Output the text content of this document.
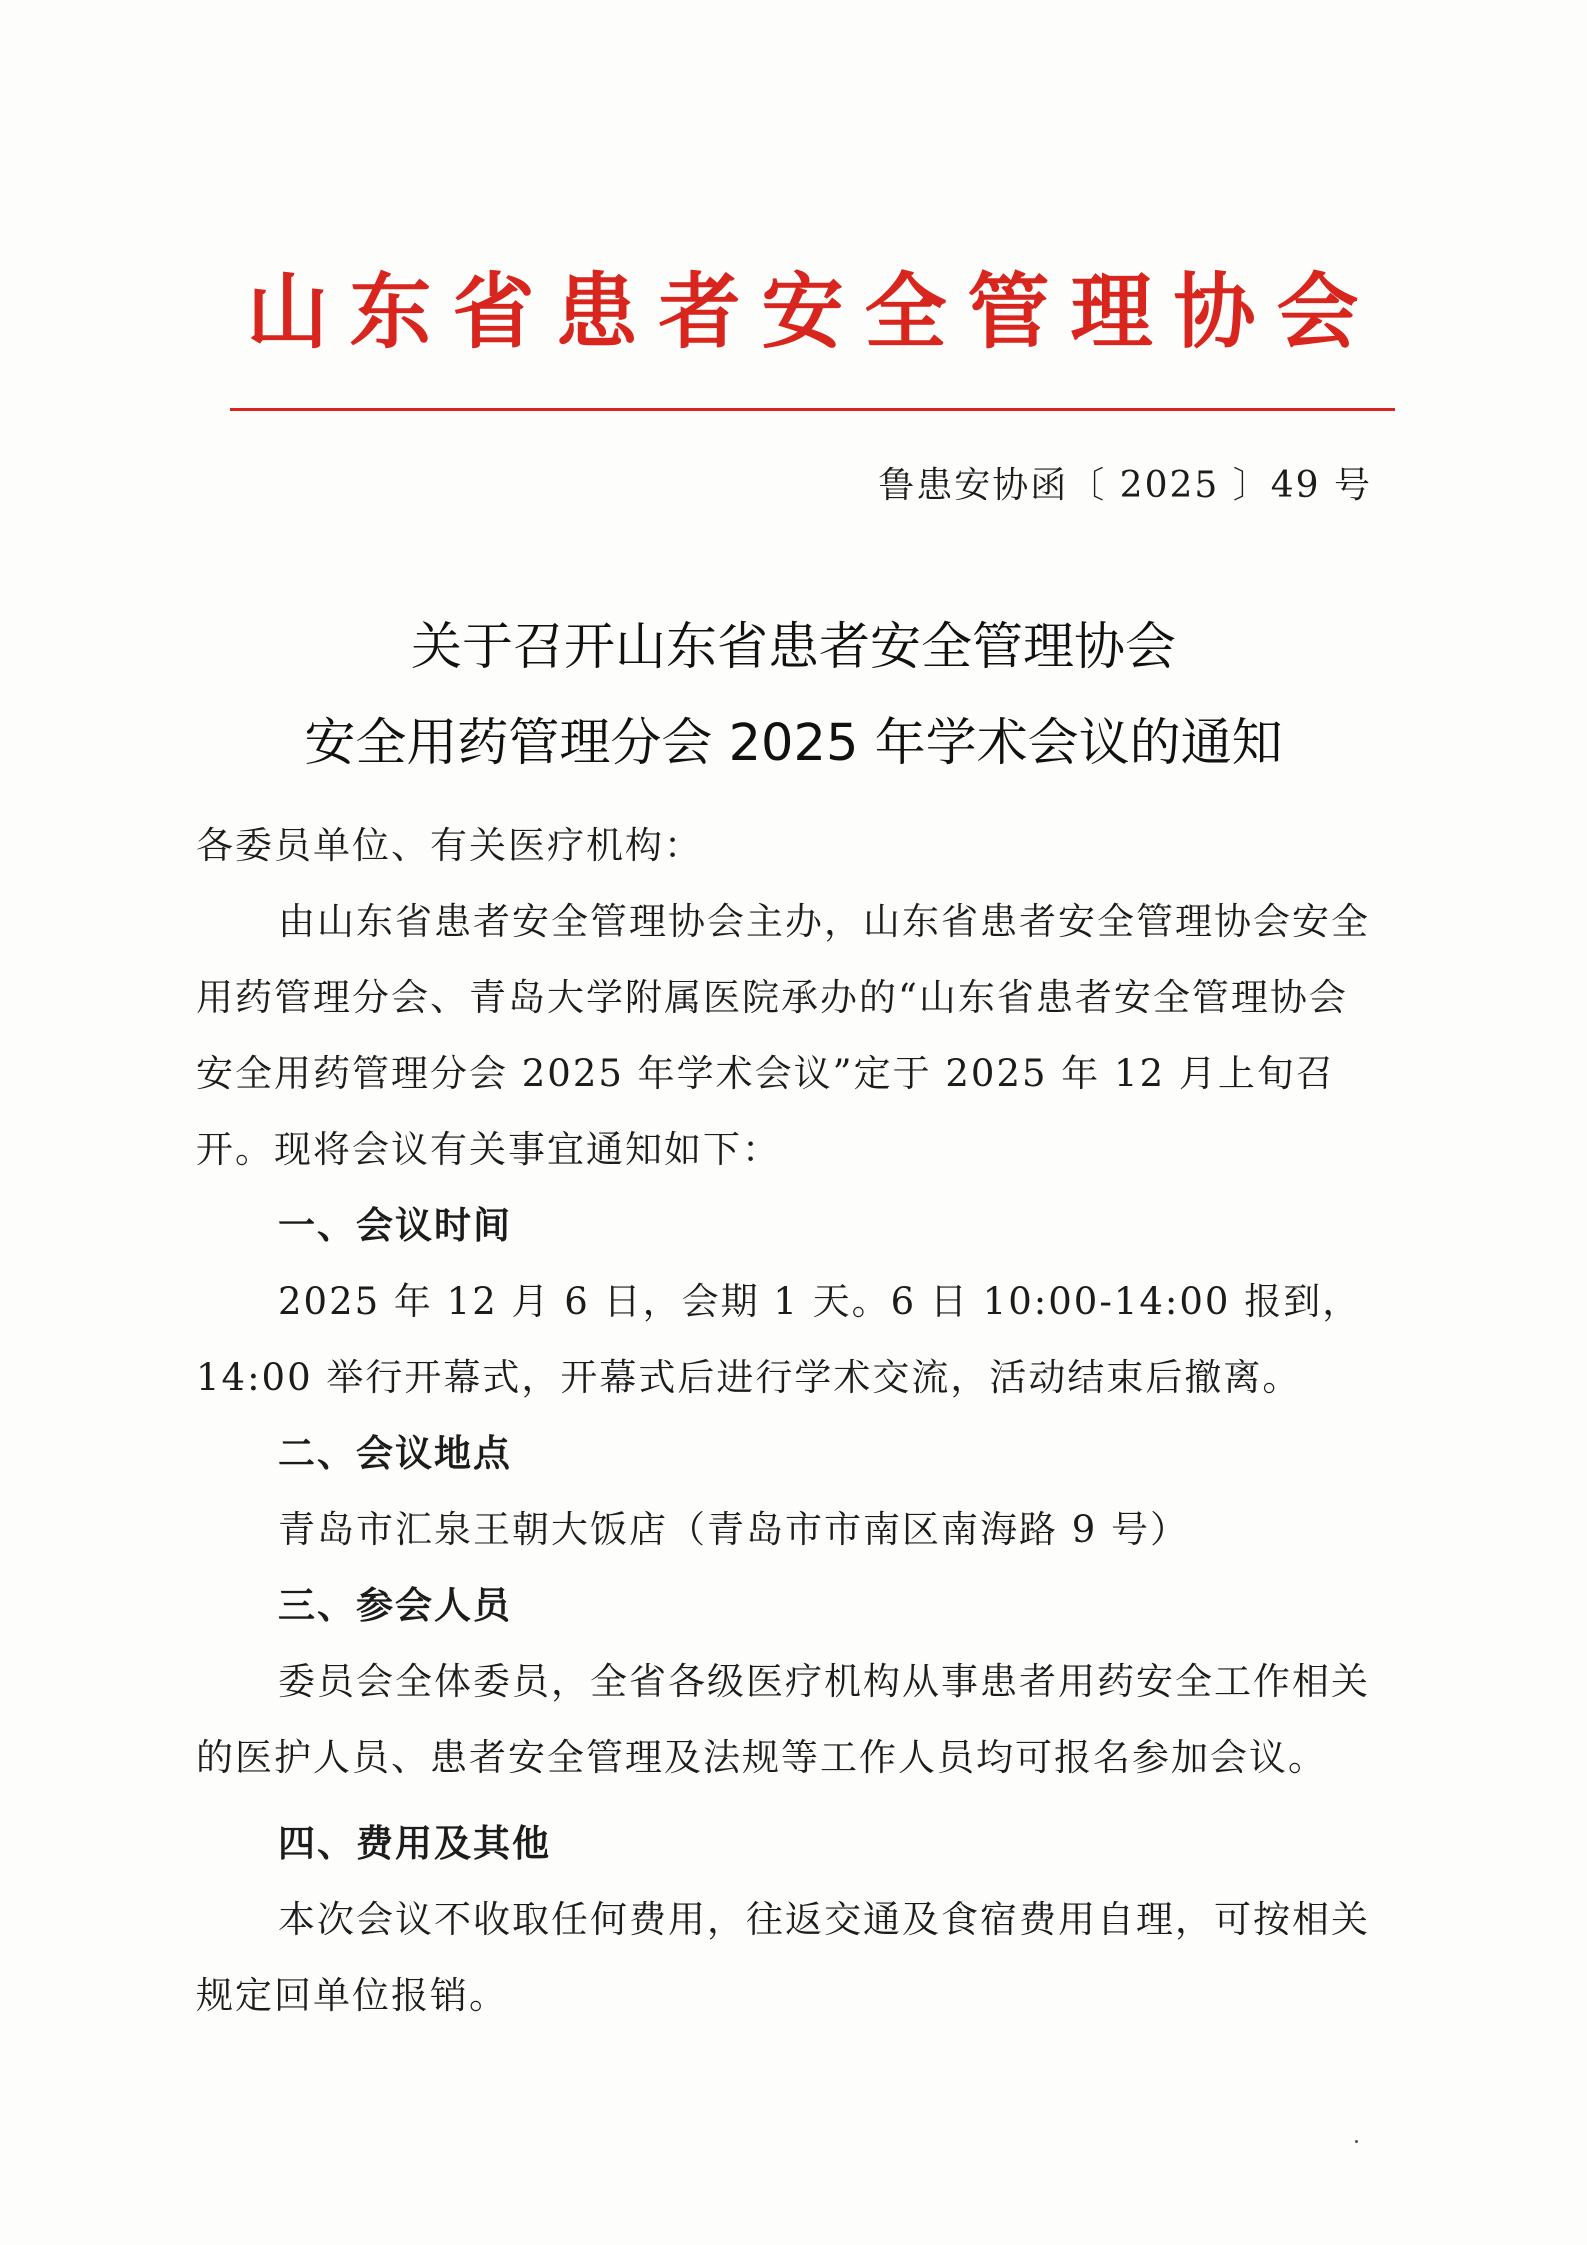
山东省患者安全管理协会
鲁患安协函〔 2025 〕49 号
关于召开山东省患者安全管理协会
安全用药管理分会 2025 年学术会议的通知

各委员单位、有关医疗机构：

由山东省患者安全管理协会主办，山东省患者安全管理协会安全用药管理分会、青岛大学附属医院承办的“山东省患者安全管理协会安全用药管理分会 2025 年学术会议”定于 2025 年 12 月上旬召开。现将会议有关事宜通知如下：

一、会议时间

2025 年 12 月 6 日，会期 1 天。6 日 10:00-14:00 报到，14:00 举行开幕式，开幕式后进行学术交流，活动结束后撤离。

二、会议地点

青岛市汇泉王朝大饭店（青岛市市南区南海路 9 号）

三、参会人员

委员会全体委员，全省各级医疗机构从事患者用药安全工作相关的医护人员、患者安全管理及法规等工作人员均可报名参加会议。

四、费用及其他

本次会议不收取任何费用，往返交通及食宿费用自理，可按相关规定回单位报销。
